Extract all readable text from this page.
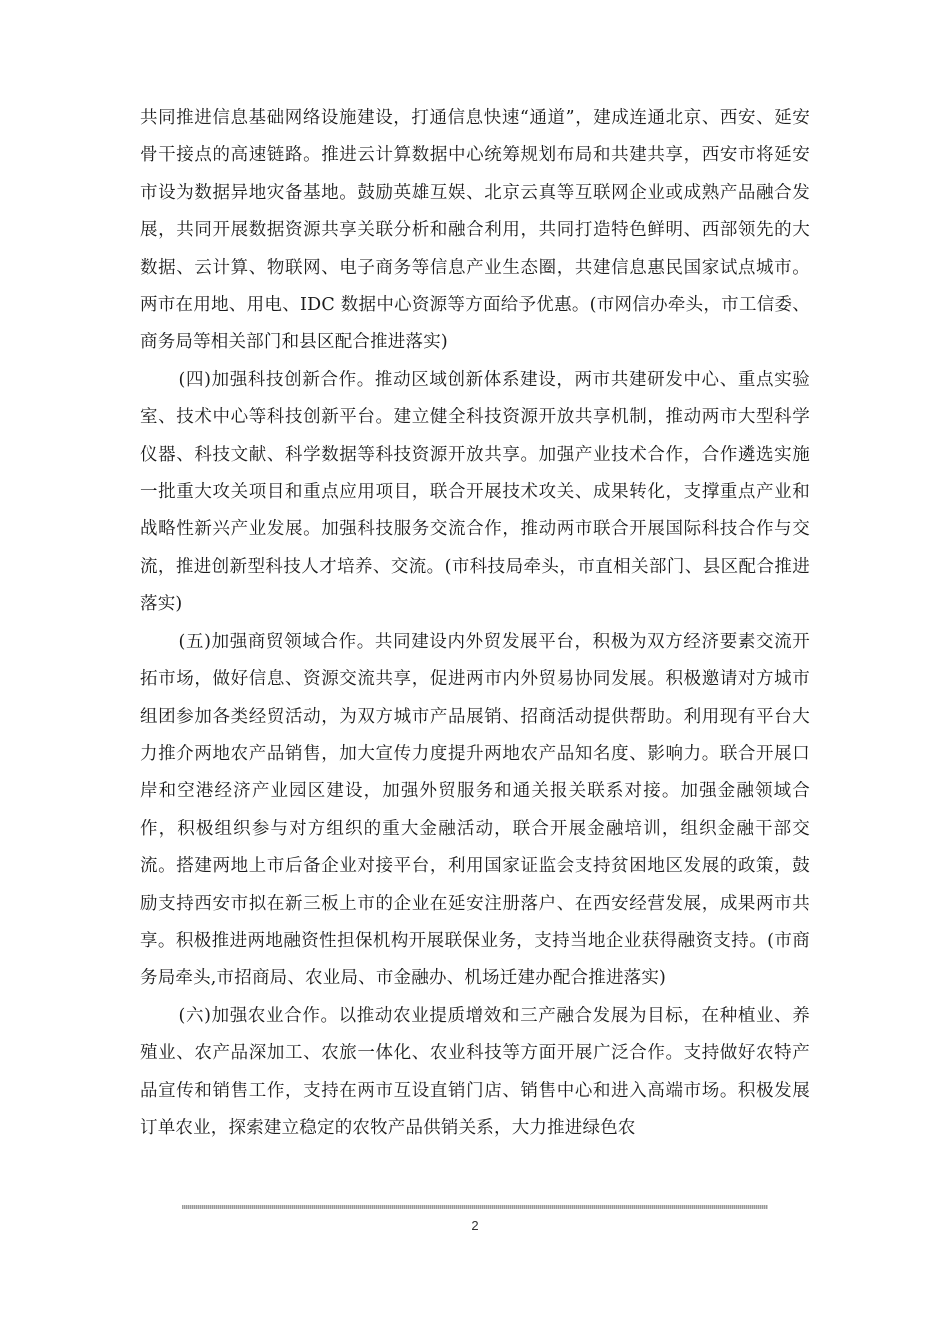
共同推进信息基础网络设施建设，打通信息快速“通道”，建成连通北京、西安、延安骨干接点的高速链路。推进云计算数据中心统筹规划布局和共建共享，西安市将延安市设为数据异地灾备基地。鼓励英雄互娱、北京云真等互联网企业或成熟产品融合发展，共同开展数据资源共享关联分析和融合利用，共同打造特色鲜明、西部领先的大数据、云计算、物联网、电子商务等信息产业生态圈，共建信息惠民国家试点城市。两市在用地、用电、IDC 数据中心资源等方面给予优惠。(市网信办牵头，市工信委、商务局等相关部门和县区配合推进落实)

(四)加强科技创新合作。推动区域创新体系建设，两市共建研发中心、重点实验室、技术中心等科技创新平台。建立健全科技资源开放共享机制，推动两市大型科学仪器、科技文献、科学数据等科技资源开放共享。加强产业技术合作，合作遴选实施一批重大攻关项目和重点应用项目，联合开展技术攻关、成果转化，支撑重点产业和战略性新兴产业发展。加强科技服务交流合作，推动两市联合开展国际科技合作与交流，推进创新型科技人才培养、交流。(市科技局牵头，市直相关部门、县区配合推进落实)

(五)加强商贸领域合作。共同建设内外贸发展平台，积极为双方经济要素交流开拓市场，做好信息、资源交流共享，促进两市内外贸易协同发展。积极邀请对方城市组团参加各类经贸活动，为双方城市产品展销、招商活动提供帮助。利用现有平台大力推介两地农产品销售，加大宣传力度提升两地农产品知名度、影响力。联合开展口岸和空港经济产业园区建设，加强外贸服务和通关报关联系对接。加强金融领域合作，积极组织参与对方组织的重大金融活动，联合开展金融培训，组织金融干部交流。搭建两地上市后备企业对接平台，利用国家证监会支持贫困地区发展的政策，鼓励支持西安市拟在新三板上市的企业在延安注册落户、在西安经营发展，成果两市共享。积极推进两地融资性担保机构开展联保业务，支持当地企业获得融资支持。(市商务局牵头,市招商局、农业局、市金融办、机场迁建办配合推进落实)

(六)加强农业合作。以推动农业提质增效和三产融合发展为目标，在种植业、养殖业、农产品深加工、农旅一体化、农业科技等方面开展广泛合作。支持做好农特产品宣传和销售工作，支持在两市互设直销门店、销售中心和进入高端市场。积极发展订单农业，探索建立稳定的农牧产品供销关系，大力推进绿色农

2
